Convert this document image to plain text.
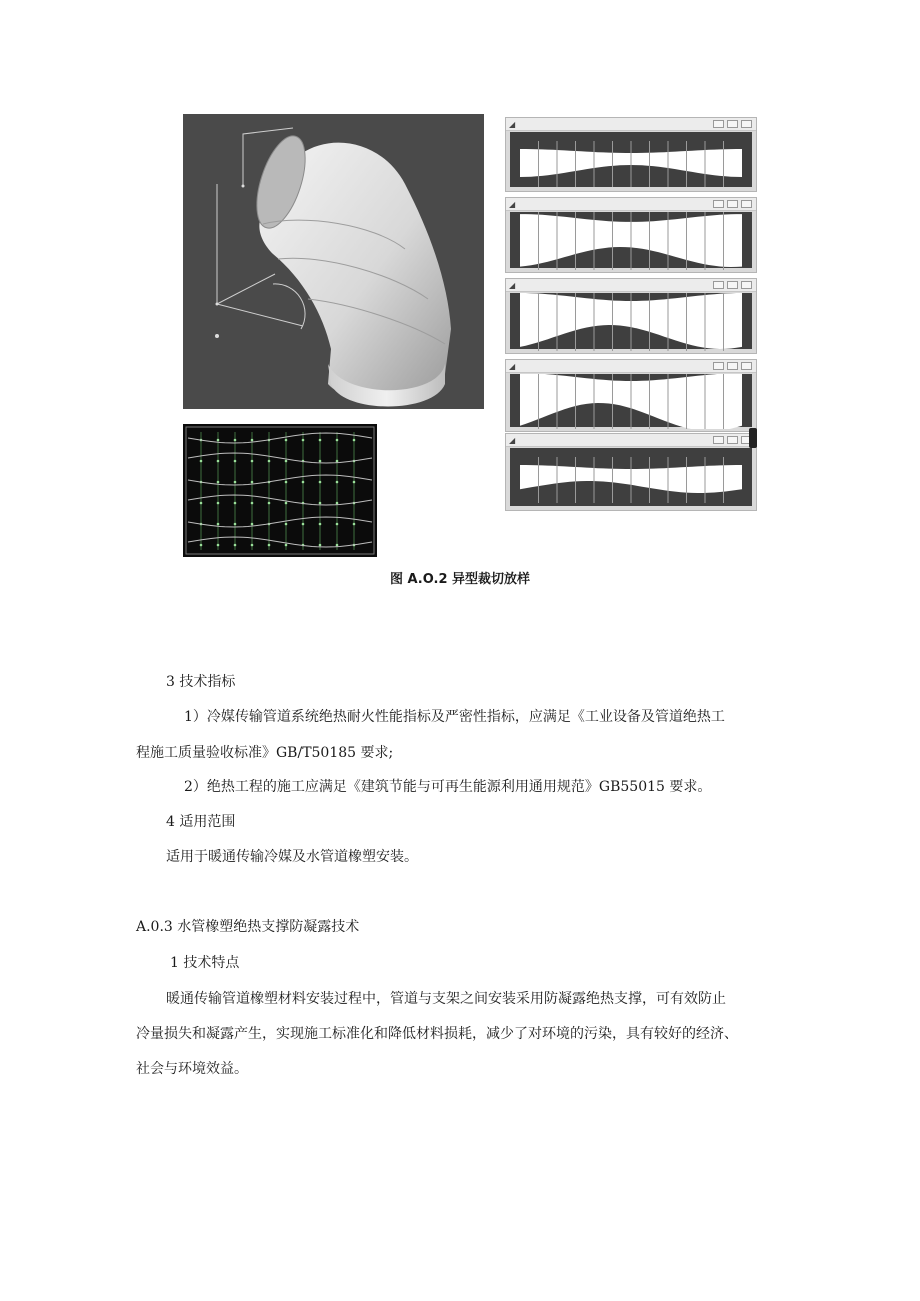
◢
◢
◢
◢
◢
图 A.O.2 异型裁切放样
3 技术指标
1）冷媒传输管道系统绝热耐火性能指标及严密性指标，应满足《工业设备及管道绝热工
程施工质量验收标准》GB/T50185 要求;
2）绝热工程的施工应满足《建筑节能与可再生能源利用通用规范》GB55015 要求。
4 适用范围
适用于暖通传输冷媒及水管道橡塑安装。
A.0.3 水管橡塑绝热支撑防凝露技术
1 技术特点
暖通传输管道橡塑材料安装过程中，管道与支架之间安装采用防凝露绝热支撑，可有效防止
冷量损失和凝露产生，实现施工标准化和降低材料损耗，减少了对环境的污染，具有较好的经济、
社会与环境效益。
